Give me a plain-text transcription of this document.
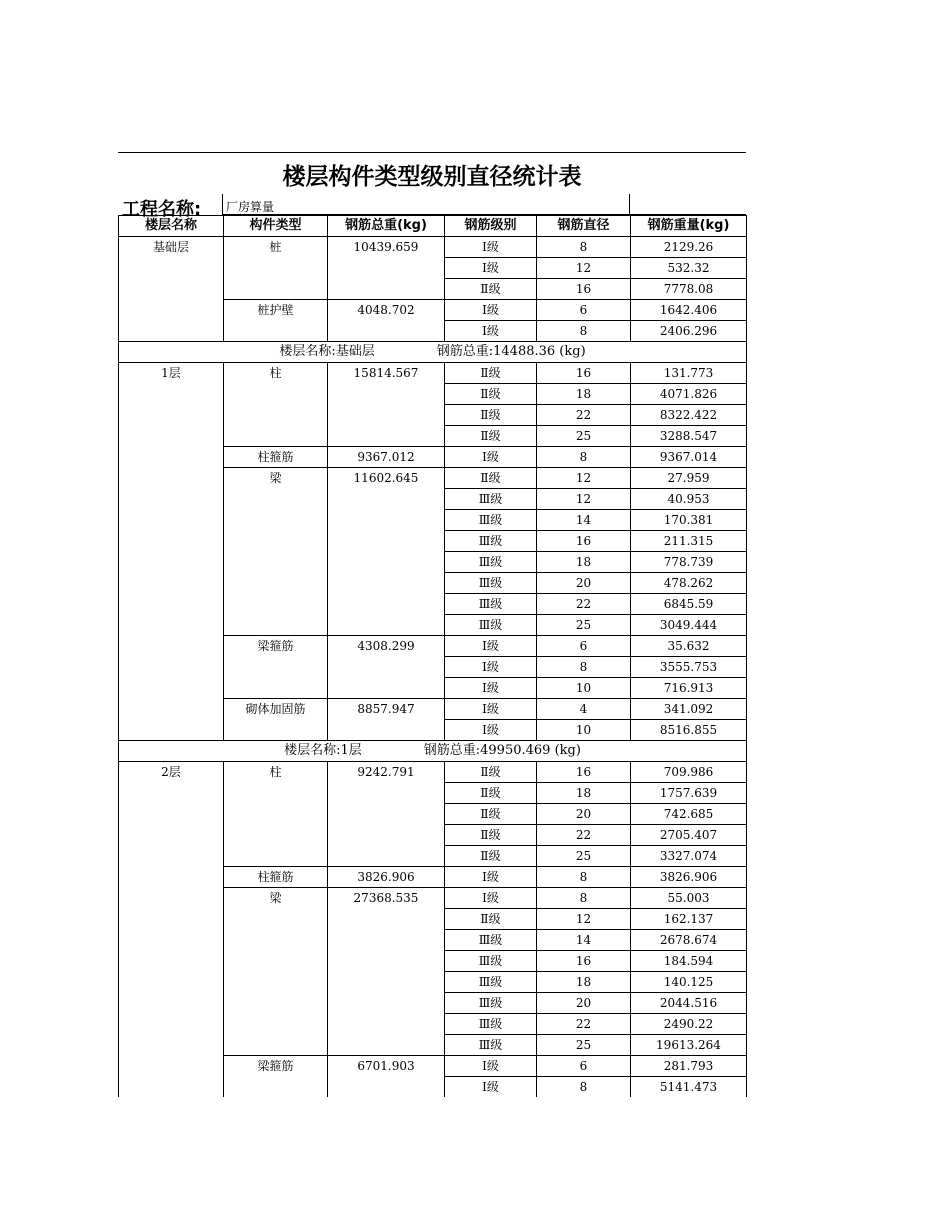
楼层构件类型级别直径统计表
工程名称: 厂房算量
楼层名称	构件类型	钢筋总重(kg)	钢筋级别	钢筋直径	钢筋重量(kg)
基础层	桩	10439.659	Ⅰ级	8	2129.26
			Ⅰ级	12	532.32
			Ⅱ级	16	7778.08
	桩护壁	4048.702	Ⅰ级	6	1642.406
			Ⅰ级	8	2406.296
楼层名称:基础层 钢筋总重:14488.36 (kg)					
1层	柱	15814.567	Ⅱ级	16	131.773
			Ⅱ级	18	4071.826
			Ⅱ级	22	8322.422
			Ⅱ级	25	3288.547
	柱箍筋	9367.012	Ⅰ级	8	9367.014
	梁	11602.645	Ⅱ级	12	27.959
			Ⅲ级	12	40.953
			Ⅲ级	14	170.381
			Ⅲ级	16	211.315
			Ⅲ级	18	778.739
			Ⅲ级	20	478.262
			Ⅲ级	22	6845.59
			Ⅲ级	25	3049.444
	梁箍筋	4308.299	Ⅰ级	6	35.632
			Ⅰ级	8	3555.753
			Ⅰ级	10	716.913
	砌体加固筋	8857.947	Ⅰ级	4	341.092
			Ⅰ级	10	8516.855
楼层名称:1层 钢筋总重:49950.469 (kg)					
2层	柱	9242.791	Ⅱ级	16	709.986
			Ⅱ级	18	1757.639
			Ⅱ级	20	742.685
			Ⅱ级	22	2705.407
			Ⅱ级	25	3327.074
	柱箍筋	3826.906	Ⅰ级	8	3826.906
	梁	27368.535	Ⅰ级	8	55.003
			Ⅱ级	12	162.137
			Ⅲ级	14	2678.674
			Ⅲ级	16	184.594
			Ⅲ级	18	140.125
			Ⅲ级	20	2044.516
			Ⅲ级	22	2490.22
			Ⅲ级	25	19613.264
	梁箍筋	6701.903	Ⅰ级	6	281.793
			Ⅰ级	8	5141.473
